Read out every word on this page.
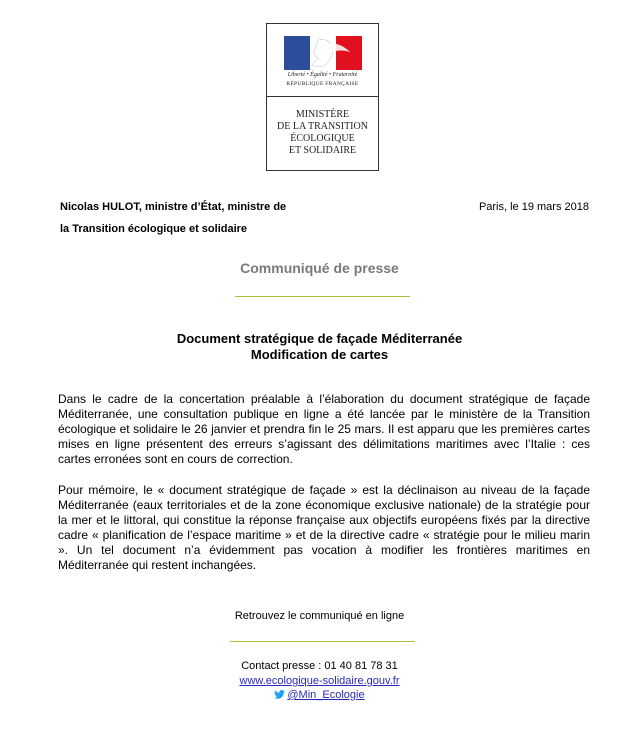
Liberté • Égalité • Fraternité
RÉPUBLIQUE FRANÇAISE
MINISTÈRE
DE LA TRANSITION
ÉCOLOGIQUE
ET SOLIDAIRE
Nicolas HULOT, ministre d’État, ministre de
la Transition écologique et solidaire
Paris, le 19 mars 2018
Communiqué de presse
Document stratégique de façade Méditerranée
Modification de cartes

Dans le cadre de la concertation préalable à l’élaboration du document stratégique de façade Méditerranée, une consultation publique en ligne a été lancée par le ministère de la Transition écologique et solidaire le 26 janvier et prendra fin le 25 mars. Il est apparu que les premières cartes mises en ligne présentent des erreurs s’agissant des délimitations maritimes avec l’Italie : ces cartes erronées sont en cours de correction.

Pour mémoire, le « document stratégique de façade » est la déclinaison au niveau de la façade Méditerranée (eaux territoriales et de la zone économique exclusive nationale) de la stratégie pour la mer et le littoral, qui constitue la réponse française aux objectifs européens fixés par la directive cadre « planification de l’espace maritime » et de la directive cadre « stratégie pour le milieu marin ». Un tel document n’a évidemment pas vocation à modifier les frontières maritimes en Méditerranée qui restent inchangées.

Retrouvez le communiqué en ligne
Contact presse : 01 40 81 78 31
www.ecologique-solidaire.gouv.fr
@Min_Ecologie
